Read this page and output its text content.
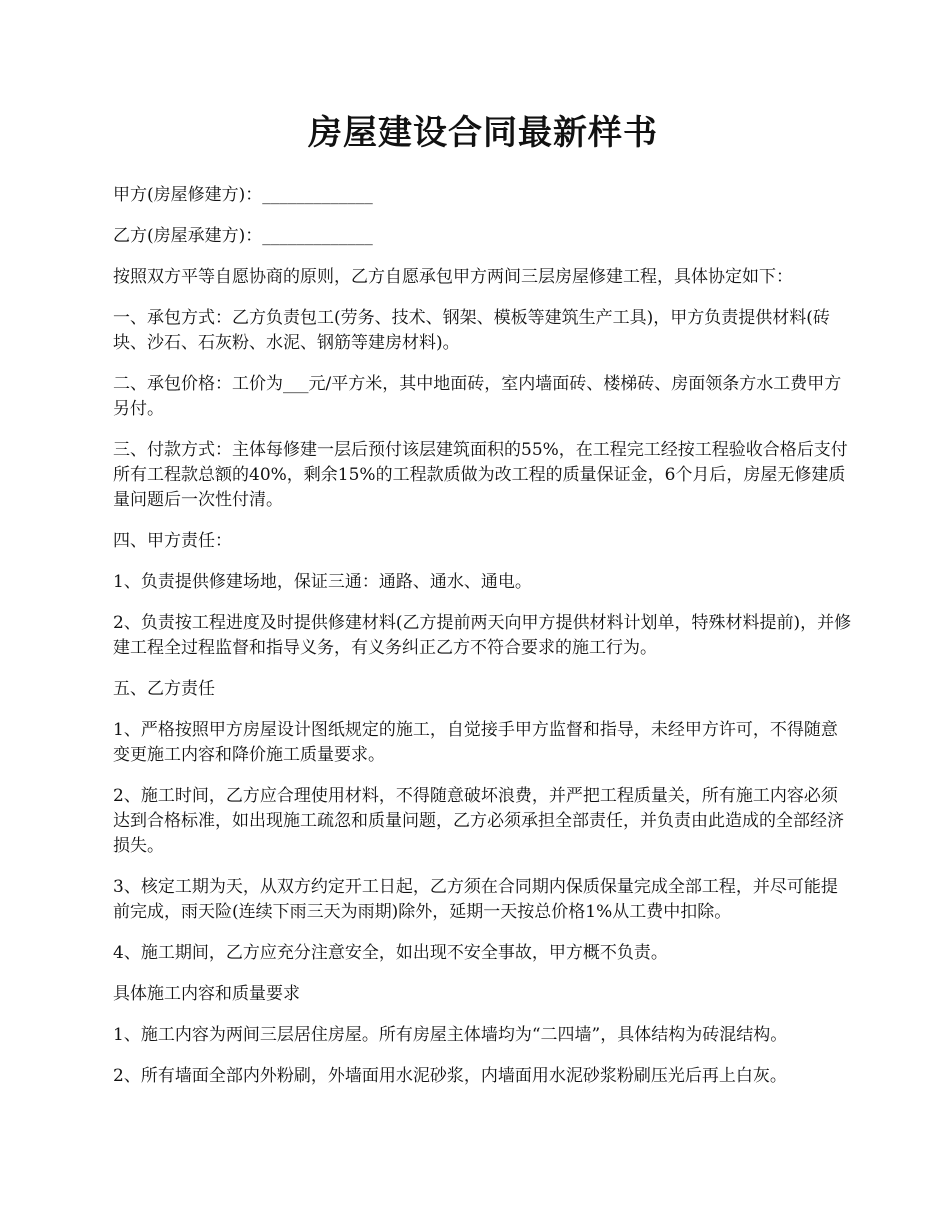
房屋建设合同最新样书

甲方(房屋修建方)：_____________

乙方(房屋承建方)：_____________

按照双方平等自愿协商的原则，乙方自愿承包甲方两间三层房屋修建工程，具体协定如下：

一、承包方式：乙方负责包工(劳务、技术、钢架、模板等建筑生产工具)，甲方负责提供材料(砖块、沙石、石灰粉、水泥、钢筋等建房材料)。

二、承包价格：工价为___元/平方米，其中地面砖，室内墙面砖、楼梯砖、房面领条方水工费甲方另付。

三、付款方式：主体每修建一层后预付该层建筑面积的55%，在工程完工经按工程验收合格后支付所有工程款总额的40%，剩余15%的工程款质做为改工程的质量保证金，6个月后，房屋无修建质量问题后一次性付清。

四、甲方责任：

1、负责提供修建场地，保证三通：通路、通水、通电。

2、负责按工程进度及时提供修建材料(乙方提前两天向甲方提供材料计划单，特殊材料提前)，并修建工程全过程监督和指导义务，有义务纠正乙方不符合要求的施工行为。

五、乙方责任

1、严格按照甲方房屋设计图纸规定的施工，自觉接手甲方监督和指导，未经甲方许可，不得随意变更施工内容和降价施工质量要求。

2、施工时间，乙方应合理使用材料，不得随意破坏浪费，并严把工程质量关，所有施工内容必须达到合格标准，如出现施工疏忽和质量问题，乙方必须承担全部责任，并负责由此造成的全部经济损失。

3、核定工期为天，从双方约定开工日起，乙方须在合同期内保质保量完成全部工程，并尽可能提前完成，雨天险(连续下雨三天为雨期)除外，延期一天按总价格1%从工费中扣除。

4、施工期间，乙方应充分注意安全，如出现不安全事故，甲方概不负责。

具体施工内容和质量要求

1、施工内容为两间三层居住房屋。所有房屋主体墙均为“二四墙”，具体结构为砖混结构。

2、所有墙面全部内外粉刷，外墙面用水泥砂浆，内墙面用水泥砂浆粉刷压光后再上白灰。
